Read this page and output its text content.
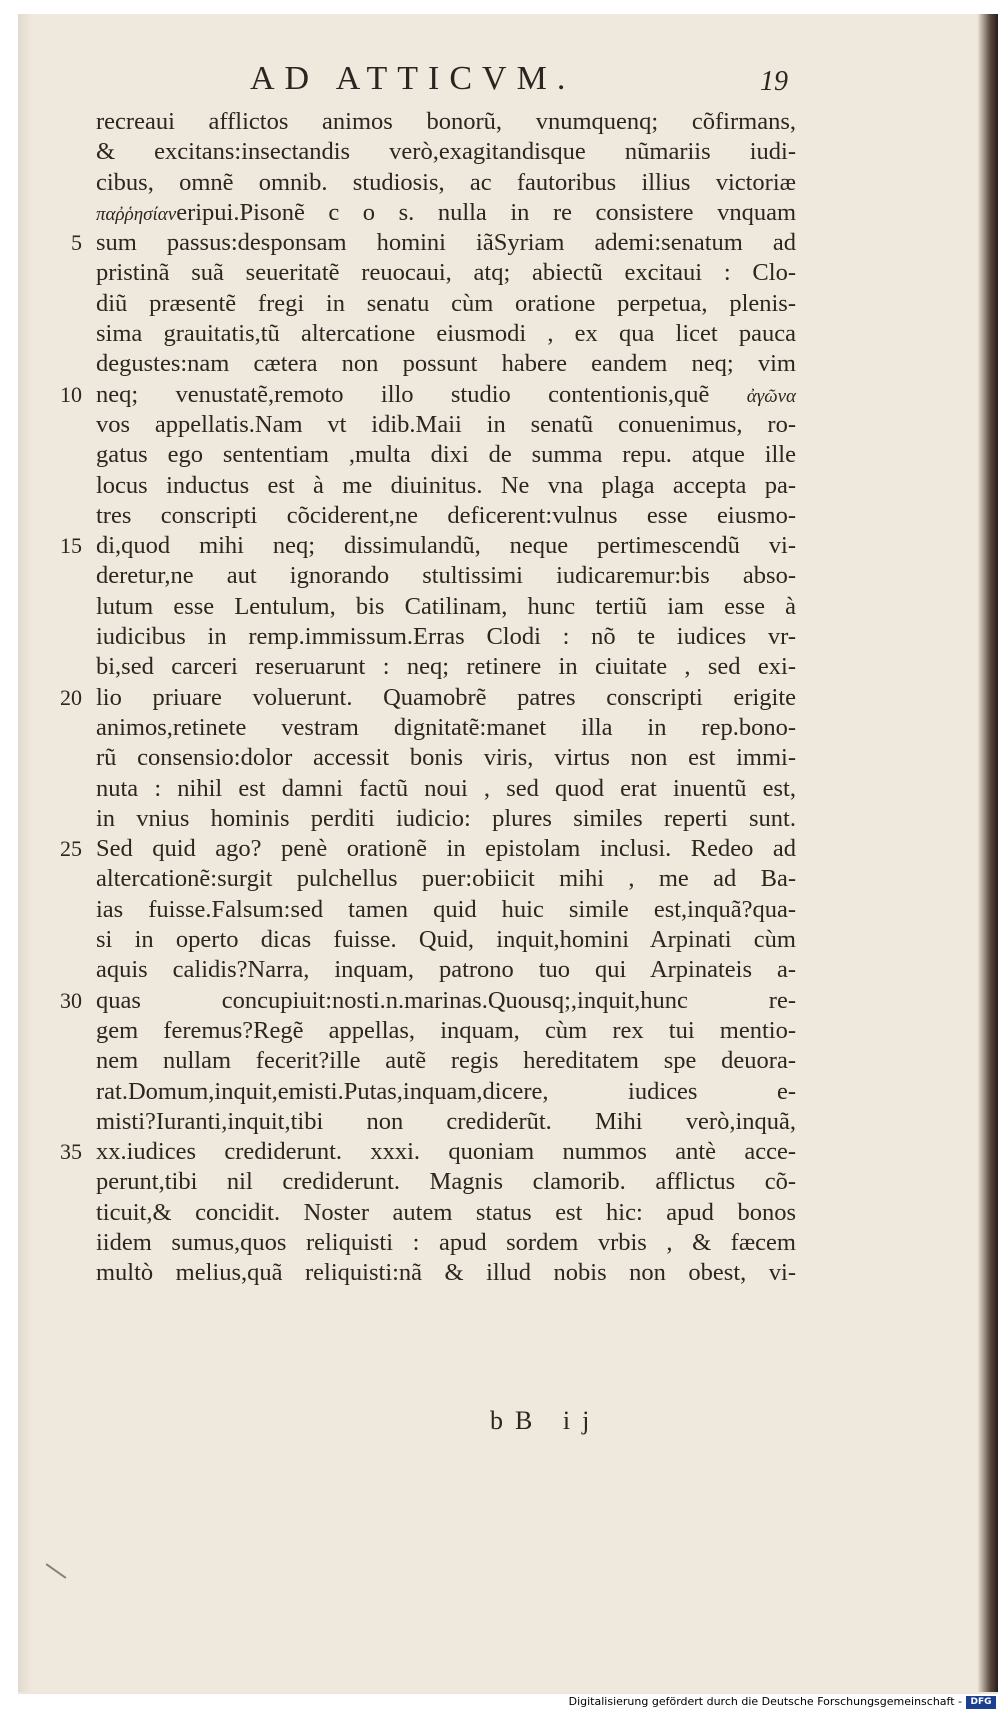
AD ATTICVM.	19
recreaui afflictos animos bonorũ, vnumquenq; cõfirmans,
& excitans:insectandis verò,exagitandisque nũmariis iudi-
cibus, omnẽ omnib. studiosis, ac fautoribus illius victoriæ
παῤῥησίανeripui.Pisonẽ c o s. nulla in re consistere vnquam
5 sum passus:desponsam homini iãSyriam ademi:senatum ad
pristinã suã seueritatẽ reuocaui, atq; abiectũ excitaui : Clo-
diũ præsentẽ fregi in senatu cùm oratione perpetua, plenis-
sima grauitatis,tũ altercatione eiusmodi , ex qua licet pauca
degustes:nam cætera non possunt habere eandem neq; vim
10 neq; venustatẽ,remoto illo studio contentionis,quẽ ἀγῶνα
vos appellatis.Nam vt idib.Maii in senatũ conuenimus, ro-
gatus ego sententiam ,multa dixi de summa repu. atque ille
locus inductus est à me diuinitus. Ne vna plaga accepta pa-
tres conscripti cõciderent,ne deficerent:vulnus esse eiusmo-
15 di,quod mihi neq; dissimulandũ, neque pertimescendũ vi-
deretur,ne aut ignorando stultissimi iudicaremur:bis abso-
lutum esse Lentulum, bis Catilinam, hunc tertiũ iam esse à
iudicibus in remp.immissum.Erras Clodi : nõ te iudices vr-
bi,sed carceri reseruarunt : neq; retinere in ciuitate , sed exi-
20 lio priuare voluerunt. Quamobrẽ patres conscripti erigite
animos,retinete vestram dignitatẽ:manet illa in rep.bono-
rũ consensio:dolor accessit bonis viris, virtus non est immi-
nuta : nihil est damni factũ noui , sed quod erat inuentũ est,
in vnius hominis perditi iudicio: plures similes reperti sunt.
25 Sed quid ago? penè orationẽ in epistolam inclusi. Redeo ad
altercationẽ:surgit pulchellus puer:obiicit mihi , me ad Ba-
ias fuisse.Falsum:sed tamen quid huic simile est,inquã?qua-
si in operto dicas fuisse. Quid, inquit,homini Arpinati cùm
aquis calidis?Narra, inquam, patrono tuo qui Arpinateis a-
30 quas concupiuit:nosti.n.marinas.Quousq;,inquit,hunc re-
gem feremus?Regẽ appellas, inquam, cùm rex tui mentio-
nem nullam fecerit?ille autẽ regis hereditatem spe deuora-
rat.Domum,inquit,emisti.Putas,inquam,dicere, iudices e-
misti?Iuranti,inquit,tibi non crediderũt. Mihi verò,inquã,
35 xx.iudices crediderunt. xxxi. quoniam nummos antè acce-
perunt,tibi nil crediderunt. Magnis clamorib. afflictus cõ-
ticuit,& concidit. Noster autem status est hic: apud bonos
iidem sumus,quos reliquisti : apud sordem vrbis , & fæcem
multò melius,quã reliquisti:nã & illud nobis non obest, vi-
bB ij
Digitalisierung gefördert durch die Deutsche Forschungsgemeinschaft - DFG
